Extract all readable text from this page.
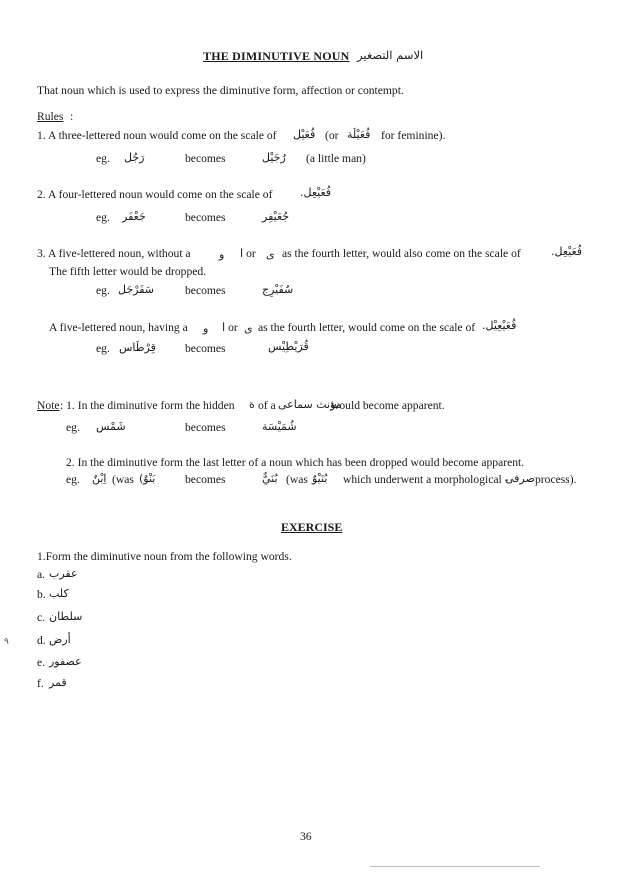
THE DIMINUTIVE NOUN الاسم التصغير
That noun which is used to express the diminutive form, affection or contempt.
Rules :
1. A three-lettered noun would come on the scale of فُعَيْل (or فُعَيْلَة for feminine).
eg. رَجُل	becomes	رُجَيْل (a little man)
2. A four-lettered noun would come on the scale of	فُعَيْعِل.
eg. جَعْفَر	becomes	جُعَيْفِر
3. A five-lettered noun, without a	و ا or ى as the fourth letter, would also come on the scale of	فُعَيْعِل.
The fifth letter would be dropped.
eg. سَفَرْجَل	becomes	سُفَيْرِج
A five-lettered noun, having a و ا or ى as the fourth letter, would come on the scale of فُعَيْعِيْل.
eg. قِرْطَاس	becomes	قُرَيْطِيْس
Note : 1. In the diminutive form the hidden ة of a مؤنث سماعى
would become apparent.
eg. شَمْس	becomes	شُمَيْسَة
2. In the diminutive form the last letter of a noun which has been dropped would become apparent.
eg. اِبْنٌ (was بَنْوٌ)	becomes	بُنَيٌّ (was بُنَيْوٌ which underwent a morphological -
صرفى process).
EXERCISE
1.Form the diminutive noun from the following words.
a. عقرب
b. كلب
c. سلطان
d. أرض
e. عصفور
f. قمر
٩
36
